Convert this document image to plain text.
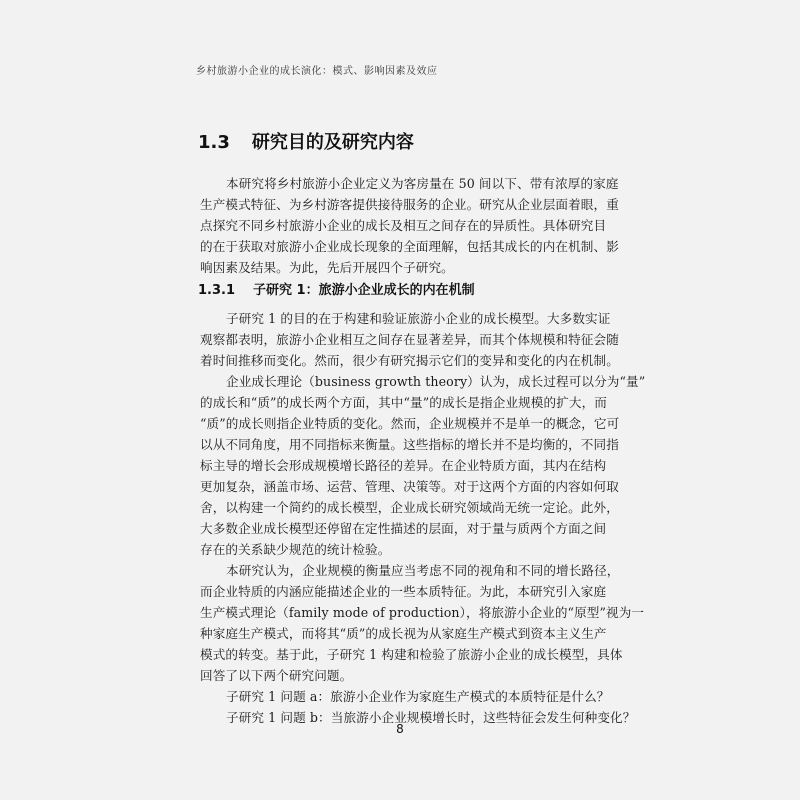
乡村旅游小企业的成长演化：模式、影响因素及效应
1.3 研究目的及研究内容
本研究将乡村旅游小企业定义为客房量在 50 间以下、带有浓厚的家庭
生产模式特征、为乡村游客提供接待服务的企业。研究从企业层面着眼，重
点探究不同乡村旅游小企业的成长及相互之间存在的异质性。具体研究目
的在于获取对旅游小企业成长现象的全面理解，包括其成长的内在机制、影
响因素及结果。为此，先后开展四个子研究。
1.3.1 子研究 1：旅游小企业成长的内在机制
子研究 1 的目的在于构建和验证旅游小企业的成长模型。大多数实证
观察都表明，旅游小企业相互之间存在显著差异，而其个体规模和特征会随
着时间推移而变化。然而，很少有研究揭示它们的变异和变化的内在机制。
企业成长理论（business growth theory）认为，成长过程可以分为“量”
的成长和“质”的成长两个方面，其中“量”的成长是指企业规模的扩大，而
“质”的成长则指企业特质的变化。然而，企业规模并不是单一的概念，它可
以从不同角度，用不同指标来衡量。这些指标的增长并不是均衡的，不同指
标主导的增长会形成规模增长路径的差异。在企业特质方面，其内在结构
更加复杂，涵盖市场、运营、管理、决策等。对于这两个方面的内容如何取
舍，以构建一个简约的成长模型，企业成长研究领域尚无统一定论。此外，
大多数企业成长模型还停留在定性描述的层面，对于量与质两个方面之间
存在的关系缺少规范的统计检验。
本研究认为，企业规模的衡量应当考虑不同的视角和不同的增长路径，
而企业特质的内涵应能描述企业的一些本质特征。为此，本研究引入家庭
生产模式理论（family mode of production），将旅游小企业的“原型”视为一
种家庭生产模式，而将其“质”的成长视为从家庭生产模式到资本主义生产
模式的转变。基于此，子研究 1 构建和检验了旅游小企业的成长模型，具体
回答了以下两个研究问题。
子研究 1 问题 a：旅游小企业作为家庭生产模式的本质特征是什么？
子研究 1 问题 b：当旅游小企业规模增长时，这些特征会发生何种变化？
8
